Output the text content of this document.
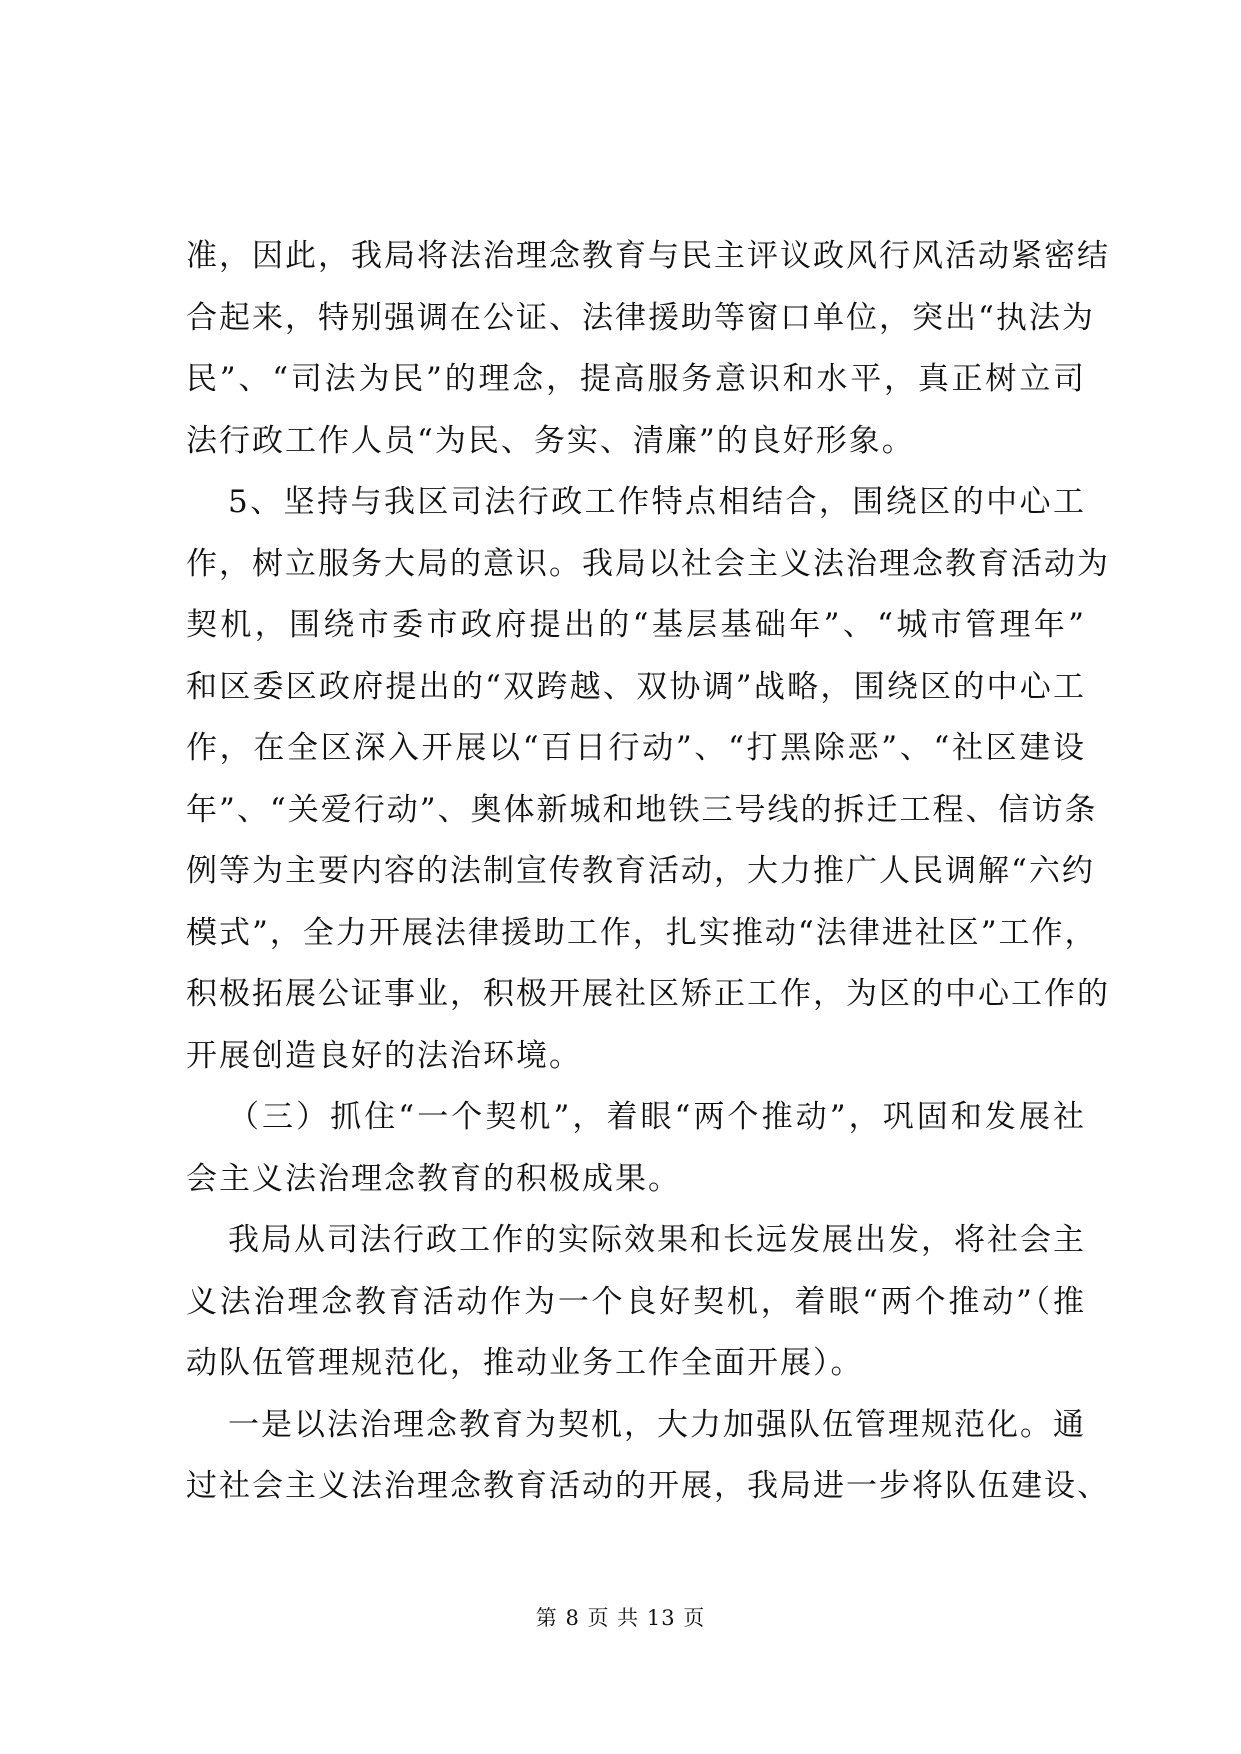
准，因此，我局将法治理念教育与民主评议政风行风活动紧密结
合起来，特别强调在公证、法律援助等窗口单位，突出“执法为
民”、“司法为民”的理念，提高服务意识和水平，真正树立司
法行政工作人员“为民、务实、清廉”的良好形象。
5、坚持与我区司法行政工作特点相结合，围绕区的中心工
作，树立服务大局的意识。我局以社会主义法治理念教育活动为
契机，围绕市委市政府提出的“基层基础年”、“城市管理年”
和区委区政府提出的“双跨越、双协调”战略，围绕区的中心工
作，在全区深入开展以“百日行动”、“打黑除恶”、“社区建设
年”、“关爱行动”、奥体新城和地铁三号线的拆迁工程、信访条
例等为主要内容的法制宣传教育活动，大力推广人民调解“六约
模式”，全力开展法律援助工作，扎实推动“法律进社区”工作，
积极拓展公证事业，积极开展社区矫正工作，为区的中心工作的
开展创造良好的法治环境。
（三）抓住“一个契机”，着眼“两个推动”，巩固和发展社
会主义法治理念教育的积极成果。
我局从司法行政工作的实际效果和长远发展出发，将社会主
义法治理念教育活动作为一个良好契机，着眼“两个推动”（推
动队伍管理规范化，推动业务工作全面开展）。
一是以法治理念教育为契机，大力加强队伍管理规范化。通
过社会主义法治理念教育活动的开展，我局进一步将队伍建设、
第 8 页 共 13 页
